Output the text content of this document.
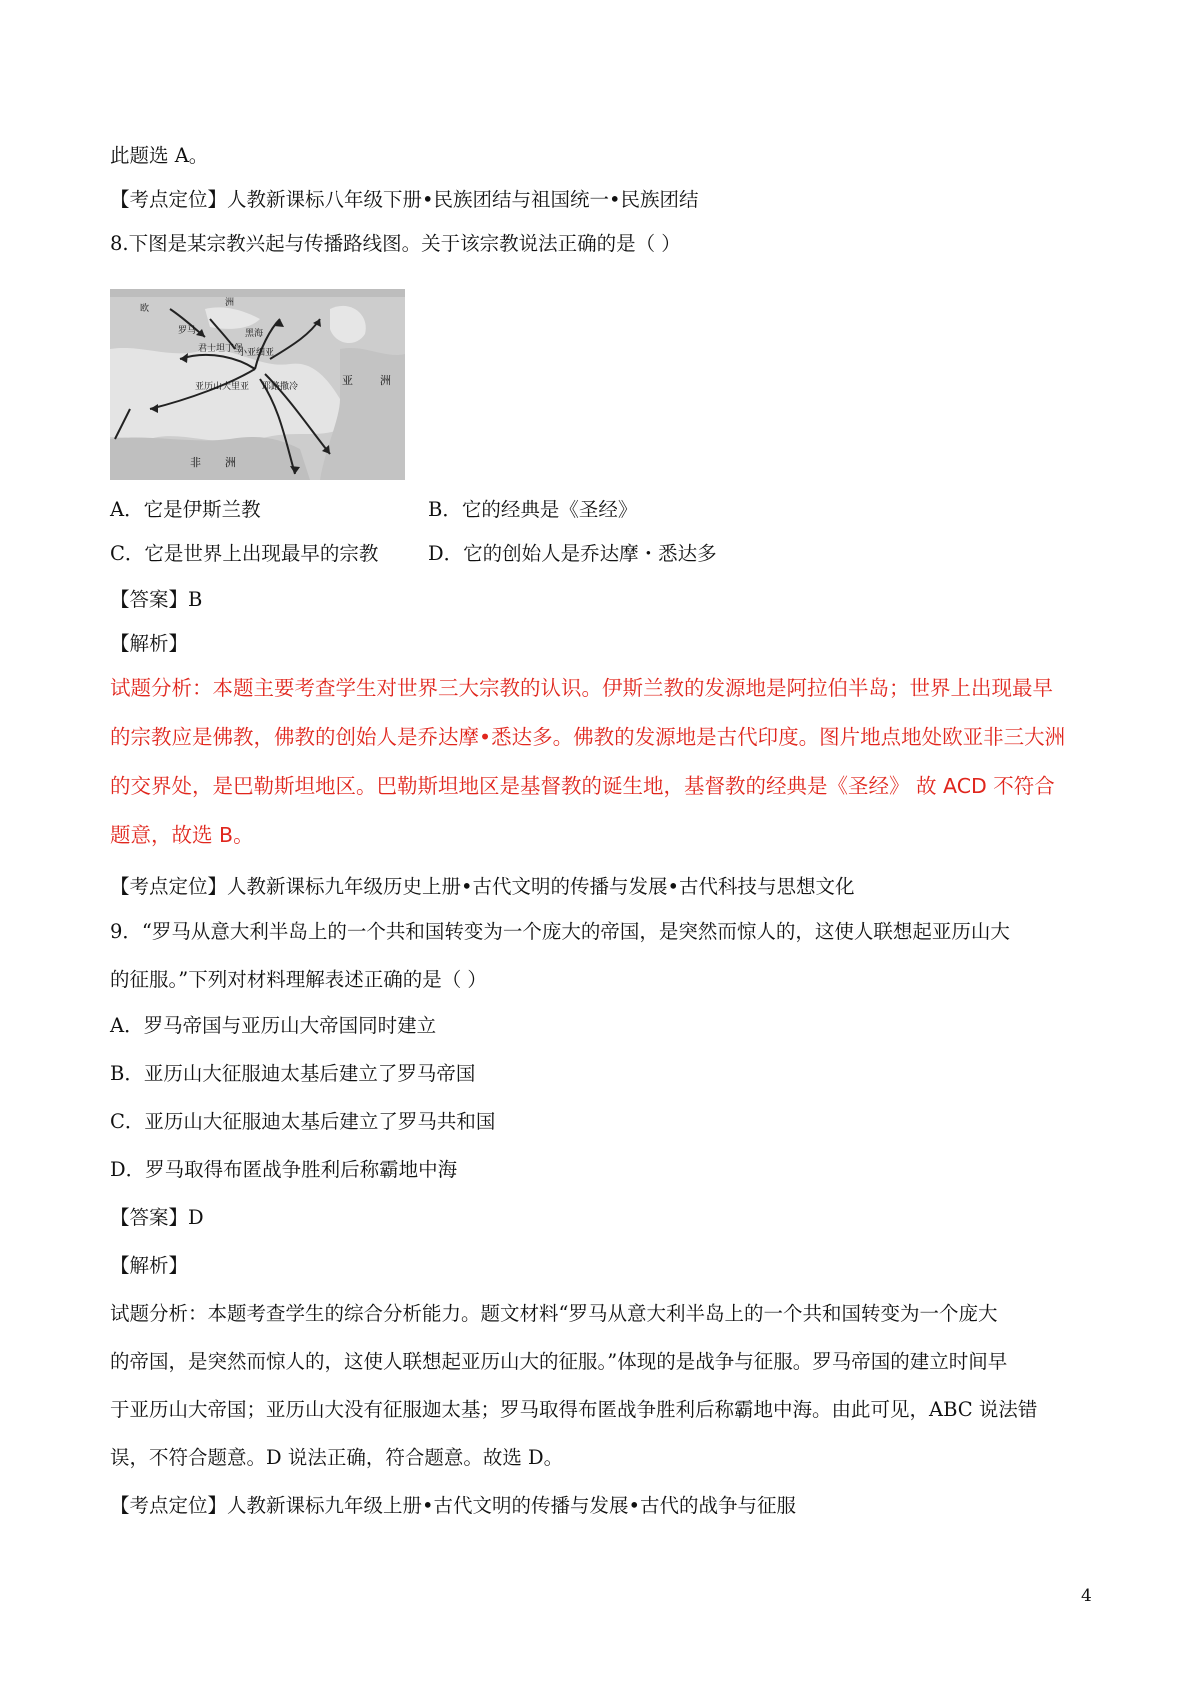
此题选 A。
【考点定位】人教新课标八年级下册•民族团结与祖国统一•民族团结
8.下图是某宗教兴起与传播路线图。关于该宗教说法正确的是（ ）
欧
洲
罗马	黑海
君士坦丁堡
小亚细亚
亚历山大里亚 耶路撒冷	亚 洲
非 洲
A．它是伊斯兰教	B．它的经典是《圣经》
C．它是世界上出现最早的宗教	D．它的创始人是乔达摩・悉达多
【答案】B
【解析】
试题分析：本题主要考查学生对世界三大宗教的认识。伊斯兰教的发源地是阿拉伯半岛；世界上出现最早
的宗教应是佛教，佛教的创始人是乔达摩•悉达多。佛教的发源地是古代印度。图片地点地处欧亚非三大洲
的交界处，是巴勒斯坦地区。巴勒斯坦地区是基督教的诞生地，基督教的经典是《圣经》 故 ACD 不符合
题意，故选 B。
【考点定位】人教新课标九年级历史上册•古代文明的传播与发展•古代科技与思想文化
9．“罗马从意大利半岛上的一个共和国转变为一个庞大的帝国，是突然而惊人的，这使人联想起亚历山大
的征服。”下列对材料理解表述正确的是（ ）
A．罗马帝国与亚历山大帝国同时建立
B．亚历山大征服迪太基后建立了罗马帝国
C．亚历山大征服迪太基后建立了罗马共和国
D．罗马取得布匿战争胜利后称霸地中海
【答案】D
【解析】
试题分析：本题考查学生的综合分析能力。题文材料“罗马从意大利半岛上的一个共和国转变为一个庞大
的帝国，是突然而惊人的，这使人联想起亚历山大的征服。”体现的是战争与征服。罗马帝国的建立时间早
于亚历山大帝国；亚历山大没有征服迦太基；罗马取得布匿战争胜利后称霸地中海。由此可见，ABC 说法错
误，不符合题意。D 说法正确，符合题意。故选 D。
【考点定位】人教新课标九年级上册•古代文明的传播与发展•古代的战争与征服
4
